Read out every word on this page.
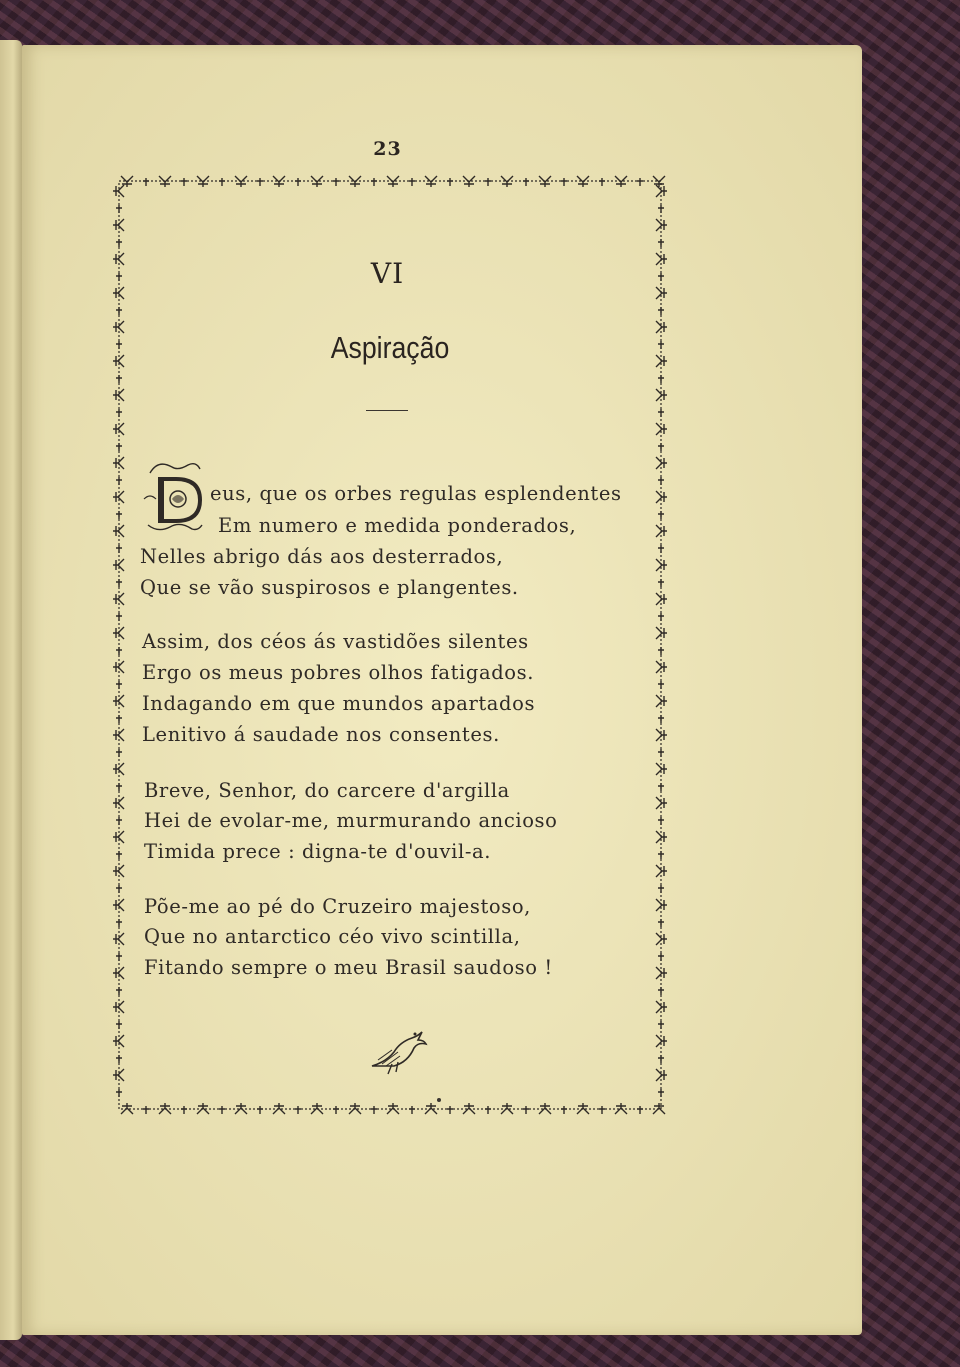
23
VI
Aspiração
eus, que os orbes regulas esplendentes
Em numero e medida ponderados,
Nelles abrigo dás aos desterrados,
Que se vão suspirosos e plangentes.
Assim, dos céos ás vastidões silentes
Ergo os meus pobres olhos fatigados.
Indagando em que mundos apartados
Lenitivo á saudade nos consentes.
Breve, Senhor, do carcere d'argilla
Hei de evolar-me, murmurando ancioso
Timida prece : digna-te d'ouvil-a.
Põe-me ao pé do Cruzeiro majestoso,
Que no antarctico céo vivo scintilla,
Fitando sempre o meu Brasil saudoso !
